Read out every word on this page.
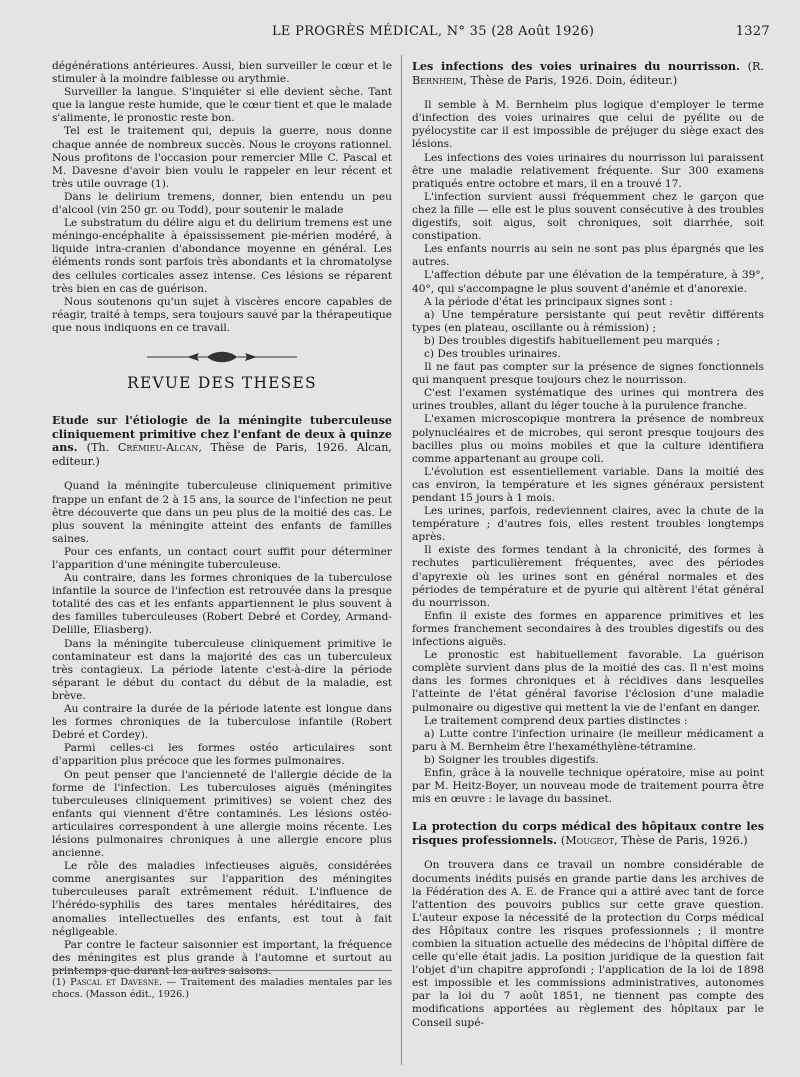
LE PROGRÈS MÉDICAL, N° 35 (28 Août 1926)	1327

dégénérations antérieures. Aussi, bien surveiller le cœur et le stimuler à la moindre faiblesse ou arythmie.

Surveiller la langue. S'inquiéter si elle devient sèche. Tant que la langue reste humide, que le cœur tient et que le malade s'alimente, le pronostic reste bon.

Tel est le traitement qui, depuis la guerre, nous donne chaque année de nombreux succès. Nous le croyons rationnel. Nous profitons de l'occasion pour remercier Mlle C. Pascal et M. Davesne d'avoir bien voulu le rappeler en leur récent et très utile ouvrage (1).

Dans le delirium tremens, donner, bien entendu un peu d'alcool (vin 250 gr. ou Todd), pour soutenir le malade

Le substratum du délire aigu et du delirium tremens est une méningo-encéphalite à épaississement pie-mérien modéré, à liquide intra-cranien d'abondance moyenne en général. Les éléments ronds sont parfois très abondants et la chromatolyse des cellules corticales assez intense. Ces lésions se réparent très bien en cas de guérison.

Nous soutenons qu'un sujet à viscères encore capables de réagir, traité à temps, sera toujours sauvé par la thérapeutique que nous indiquons en ce travail.

REVUE DES THESES

Etude sur l'étiologie de la méningite tuberculeuse cliniquement primitive chez l'enfant de deux à quinze ans. (Th. Crémieu-Alcan, Thèse de Paris, 1926. Alcan, editeur.)

Quand la méningite tuberculeuse cliniquement primitive frappe un enfant de 2 à 15 ans, la source de l'infection ne peut être découverte que dans un peu plus de la moitié des cas. Le plus souvent la méningite atteint des enfants de familles saines.

Pour ces enfants, un contact court suffit pour déterminer l'apparition d'une méningite tuberculeuse.

Au contraire, dans les formes chroniques de la tuberculose infantile la source de l'infection est retrouvée dans la presque totalité des cas et les enfants appartiennent le plus souvent à des familles tuberculeuses (Robert Debré et Cordey, Armand-Delille, Eliasberg).

Dans la méningite tuberculeuse cliniquement primitive le contaminateur est dans la majorité des cas un tuberculeux très contagieux. La période latente c'est-à-dire la période séparant le début du contact du début de la maladie, est brève.

Au contraire la durée de la période latente est longue dans les formes chroniques de la tuberculose infantile (Robert Debré et Cordey).

Parmi celles-ci les formes ostéo articulaires sont d'apparition plus précoce que les formes pulmonaires.

On peut penser que l'ancienneté de l'allergie décide de la forme de l'infection. Les tuberculoses aiguës (méningites tuberculeuses cliniquement primitives) se voient chez des enfants qui viennent d'être contaminés. Les lésions ostéo-articulaires correspondent à une allergie moins récente. Les lésions pulmonaires chroniques à une allergie encore plus ancienne.

Le rôle des maladies infectieuses aiguës, considérées comme anergisantes sur l'apparition des méningites tuberculeuses paraît extrêmement réduit. L'influence de l'hérédo-syphilis des tares mentales héréditaires, des anomalies intellectuelles des enfants, est tout à fait négligeable.

Par contre le facteur saisonnier est important, la fréquence des méningites est plus grande à l'automne et surtout au printemps que durant les autres saisons.

(1) Pascal et Davesne. — Traitement des maladies mentales par les chocs. (Masson édit., 1926.)

Les infections des voies urinaires du nourrisson. (R. Bernheim, Thèse de Paris, 1926. Doin, éditeur.)

Il semble à M. Bernheim plus logique d'employer le terme d'infection des voies urinaires que celui de pyélite ou de pyélocystite car il est impossible de préjuger du siège exact des lésions.

Les infections des voies urinaires du nourrisson lui paraissent être une maladie relativement fréquente. Sur 300 examens pratiqués entre octobre et mars, il en a trouvé 17.

L'infection survient aussi fréquemment chez le garçon que chez la fille — elle est le plus souvent consécutive à des troubles digestifs, soit aigus, soit chroniques, soit diarrhée, soit constipation.

Les enfants nourris au sein ne sont pas plus épargnés que les autres.

L'affection débute par une élévation de la température, à 39°, 40°, qui s'accompagne le plus souvent d'anémie et d'anorexie.

A la période d'état les principaux signes sont :

a) Une température persistante qui peut revêtir différents types (en plateau, oscillante ou à rémission) ;

b) Des troubles digestifs habituellement peu marqués ;

c) Des troubles urinaires.

Il ne faut pas compter sur la présence de signes fonctionnels qui manquent presque toujours chez le nourrisson.

C'est l'examen systématique des urines qui montrera des urines troubles, allant du léger touche à la purulence franche.

L'examen microscopique montrera la présence de nombreux polynucléaires et de microbes, qui seront presque toujours des bacilles plus ou moins mobiles et que la culture identifiera comme appartenant au groupe coli.

L'évolution est essentiellement variable. Dans la moitié des cas environ, la température et les signes généraux persistent pendant 15 jours à 1 mois.

Les urines, parfois, redeviennent claires, avec la chute de la température ; d'autres fois, elles restent troubles longtemps après.

Il existe des formes tendant à la chronicité, des formes à rechutes particulièrement fréquentes, avec des périodes d'apyrexie où les urines sont en général normales et des périodes de température et de pyurie qui altèrent l'état général du nourrisson.

Enfin il existe des formes en apparence primitives et les formes franchement secondaires à des troubles digestifs ou des infections aiguës.

Le pronostic est habituellement favorable. La guérison complète survient dans plus de la moitié des cas. Il n'est moins dans les formes chroniques et à récidives dans lesquelles l'atteinte de l'état général favorise l'éclosion d'une maladie pulmonaire ou digestive qui mettent la vie de l'enfant en danger.

Le traitement comprend deux parties distinctes :

a) Lutte contre l'infection urinaire (le meilleur médicament a paru à M. Bernheim être l'hexaméthylène-tétramine.

b) Soigner les troubles digestifs.

Enfin, grâce à la nouvelle technique opératoire, mise au point par M. Heitz-Boyer, un nouveau mode de traitement pourra être mis en œuvre : le lavage du bassinet.

La protection du corps médical des hôpitaux contre les risques professionnels. (Mougeot, Thèse de Paris, 1926.)

On trouvera dans ce travail un nombre considérable de documents inédits puisés en grande partie dans les archives de la Fédération des A. E. de France qui a attiré avec tant de force l'attention des pouvoirs publics sur cette grave question. L'auteur expose la nécessité de la protection du Corps médical des Hôpitaux contre les risques professionnels ; il montre combien la situation actuelle des médecins de l'hôpital diffère de celle qu'elle était jadis. La position juridique de la question fait l'objet d'un chapitre approfondi ; l'application de la loi de 1898 est impossible et les commissions administratives, autonomes par la loi du 7 août 1851, ne tiennent pas compte des modifications apportées au règlement des hôpitaux par le Conseil supé-
